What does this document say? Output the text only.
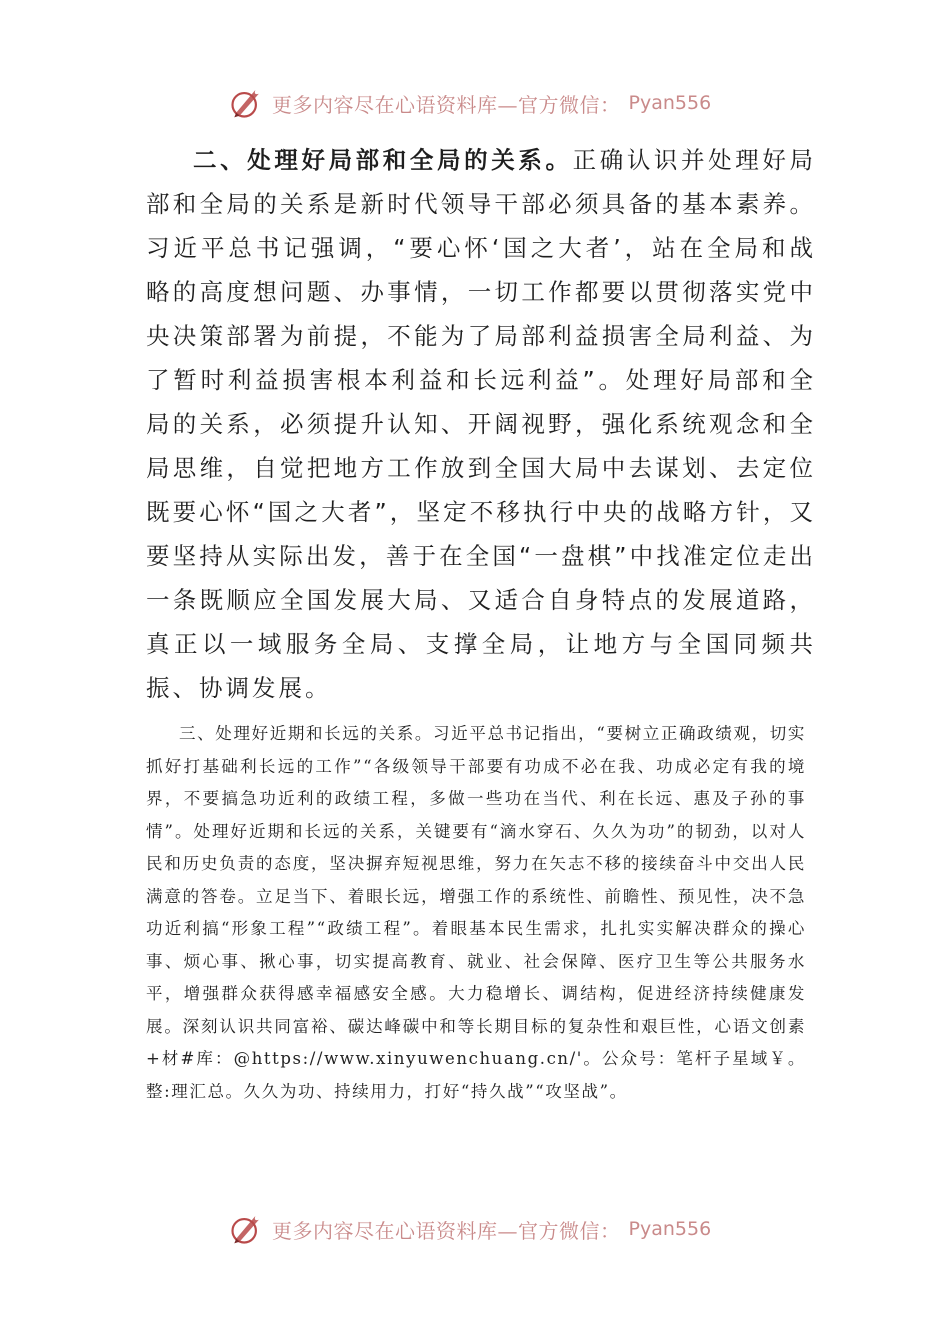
更多内容尽在心语资料库—官方微信： Pyan556

二、处理好局部和全局的关系。正确认识并处理好局部和全局的关系是新时代领导干部必须具备的基本素养。习近平总书记强调，“要心怀‘国之大者’，站在全局和战略的高度想问题、办事情，一切工作都要以贯彻落实党中央决策部署为前提，不能为了局部利益损害全局利益、为了暂时利益损害根本利益和长远利益”。处理好局部和全局的关系，必须提升认知、开阔视野，强化系统观念和全局思维，自觉把地方工作放到全国大局中去谋划、去定位既要心怀“国之大者”，坚定不移执行中央的战略方针，又要坚持从实际出发，善于在全国“一盘棋”中找准定位走出一条既顺应全国发展大局、又适合自身特点的发展道路，真正以一域服务全局、支撑全局，让地方与全国同频共振、协调发展。

三、处理好近期和长远的关系。习近平总书记指出，“要树立正确政绩观，切实抓好打基础利长远的工作”“各级领导干部要有功成不必在我、功成必定有我的境界，不要搞急功近利的政绩工程，多做一些功在当代、利在长远、惠及子孙的事情”。处理好近期和长远的关系，关键要有“滴水穿石、久久为功”的韧劲，以对人民和历史负责的态度，坚决摒弃短视思维，努力在矢志不移的接续奋斗中交出人民满意的答卷。立足当下、着眼长远，增强工作的系统性、前瞻性、预见性，决不急功近利搞“形象工程”“政绩工程”。着眼基本民生需求，扎扎实实解决群众的操心事、烦心事、揪心事，切实提高教育、就业、社会保障、医疗卫生等公共服务水平，增强群众获得感幸福感安全感。大力稳增长、调结构，促进经济持续健康发展。深刻认识共同富裕、碳达峰碳中和等长期目标的复杂性和艰巨性，心语文创素+材#库：@https://www.xinyuwenchuang.cn/'。公众号：笔杆子星域￥。整:理汇总。久久为功、持续用力，打好“持久战”“攻坚战”。

更多内容尽在心语资料库—官方微信： Pyan556
